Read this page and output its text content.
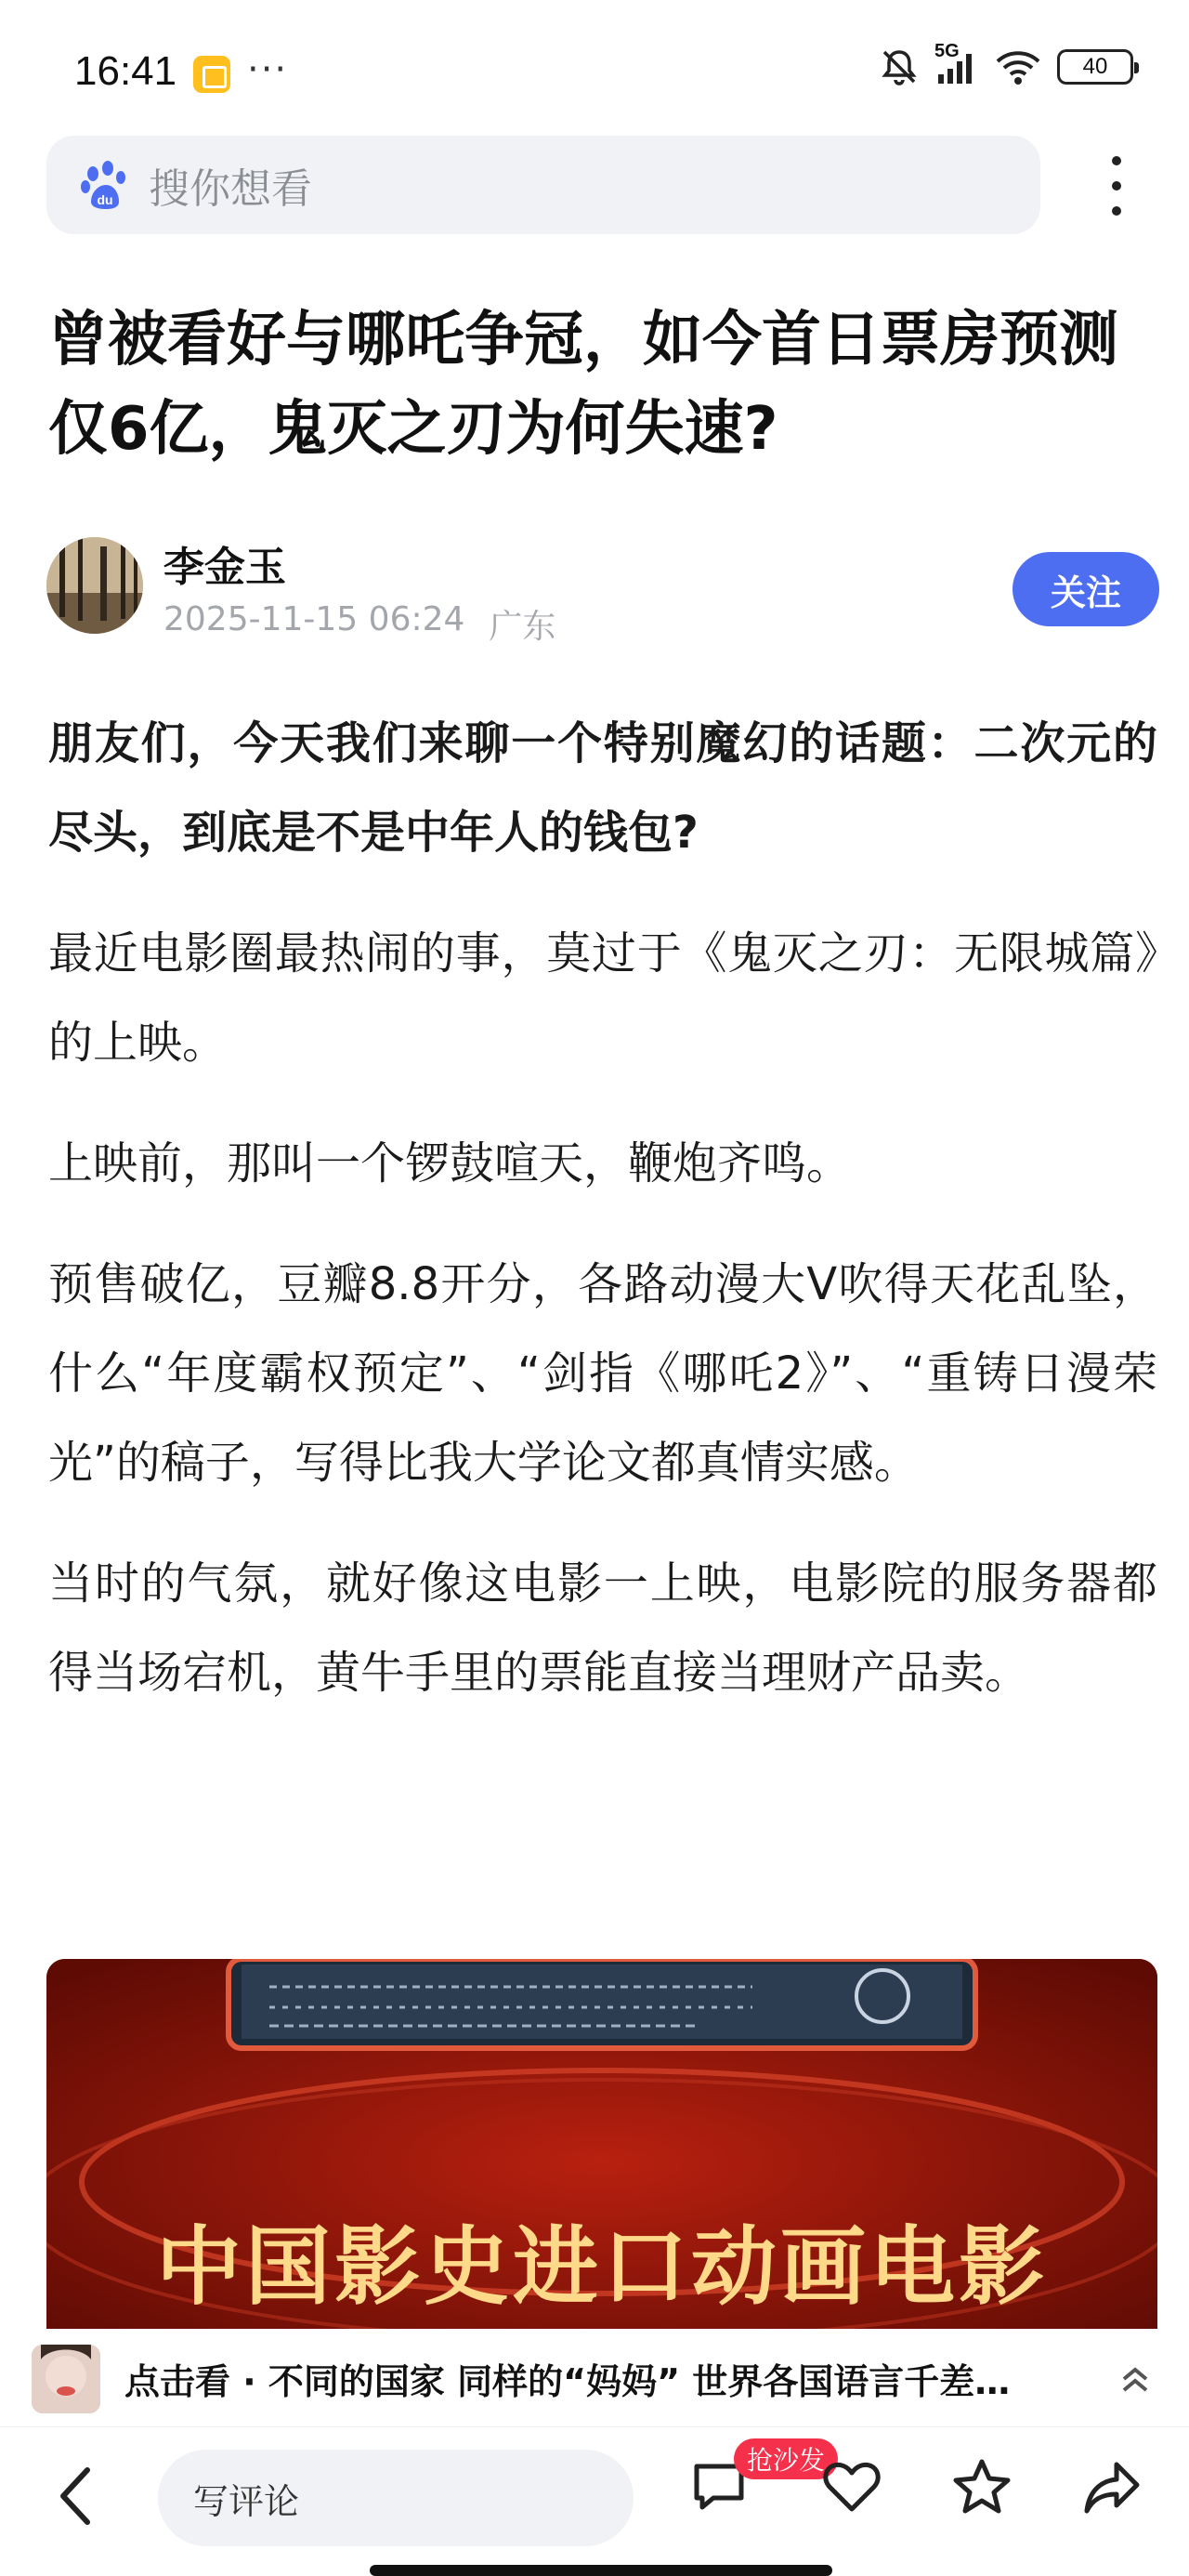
16:41 ···	5G
40
du 搜你想看
曾被看好与哪吒争冠，如今首日票房预测仅6亿，鬼灭之刃为何失速?
李金玉
2025-11-15 06:24 广东
关注

朋友们，今天我们来聊一个特别魔幻的话题：二次元的尽头，到底是不是中年人的钱包?

最近电影圈最热闹的事，莫过于《鬼灭之刃：无限城篇》的上映。

上映前，那叫一个锣鼓喧天，鞭炮齐鸣。

预售破亿，豆瓣8.8开分，各路动漫大V吹得天花乱坠，什么“年度霸权预定”、“剑指《哪吒2》”、“重铸日漫荣光”的稿子，写得比我大学论文都真情实感。

当时的气氛，就好像这电影一上映，电影院的服务器都得当场宕机，黄牛手里的票能直接当理财产品卖。

中国影史进口动画电影
点击看 · 不同的国家 同样的“妈妈” 世界各国语言千差…
写评论
抢沙发
